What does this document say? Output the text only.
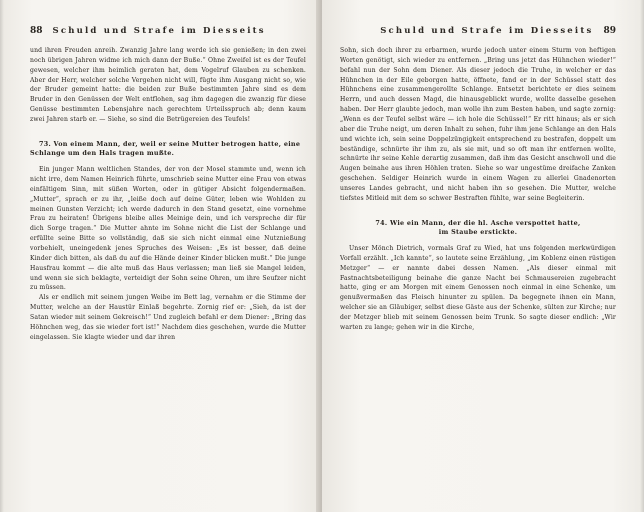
88 Schuld und Strafe im Diesseits

und ihren Freuden anreih. Zwanzig Jahre lang werde ich sie genießen; in den zwei noch übrigen Jahren widme ich mich dann der Buße.“ Ohne Zweifel ist es der Teufel gewesen, welcher ihm heimlich geraten hat, dem Vogelruf Glauben zu schenken. Aber der Herr, welcher solche Vergehen nicht will, fügte ihm Ausgang nicht so, wie der Bruder gemeint hatte: die beiden zur Buße bestimmten Jahre sind es dem Bruder in den Genüssen der Welt entflohen, sag ihm dagegen die zwanzig für diese Genüsse bestimmten Lebensjahre nach gerechtem Urteilsspruch ab; denn kaum zwei Jahren starb er. — Siehe, so sind die Betrügereien des Teufels!

73. Von einem Mann, der, weil er seine Mutter betrogen hatte, eine Schlange um den Hals tragen mußte.

Ein junger Mann weltlichen Standes, der von der Mosel stammte und, wenn ich nicht irre, dem Namen Heinrich führte, umschrieb seine Mutter eine Frau von etwas einfältigem Sinn, mit süßen Worten, oder in gütiger Absicht folgendermaßen. „Mutter“, sprach er zu ihr, „leiße doch auf deine Güter, leben wie Wohlden zu meinen Gunsten Verzicht; ich werde dadurch in den Stand gesetzt, eine vornehme Frau zu heiraten! Übrigens bleibe alles Meinige dein, und ich verspreche dir für dich Sorge tragen.“ Die Mutter ahnte im Sohne nicht die List der Schlange und erfüllte seine Bitte so vollständig, daß sie sich nicht einmal eine Nutznießung vorbehielt, uneingedenk jenes Spruches des Weisen: „Es ist besser, daß deine Kinder dich bitten, als daß du auf die Hände deiner Kinder blicken mußt.“ Die junge Hausfrau kommt — die alte muß das Haus verlassen; man ließ sie Mangel leiden, und wenn sie sich beklagte, verteidigt der Sohn seine Ohren, um ihre Seufzer nicht zu müssen.

Als er endlich mit seinem jungen Weibe im Bett lag, vernahm er die Stimme der Mutter, welche an der Haustür Einlaß begehrte. Zornig rief er: „Sieh, da ist der Satan wieder mit seinem Gekreisch!“ Und zugleich befahl er dem Diener: „Bring das Höhnchen weg, das sie wieder fort ist!“ Nachdem dies geschehen, wurde die Mutter eingelassen. Sie klagte wieder und dar ihren

Schuld und Strafe im Diesseits 89

Sohn, sich doch ihrer zu erbarmen, wurde jedoch unter einem Sturm von heftigen Worten genötigt, sich wieder zu entfernen. „Bring uns jetzt das Hühnchen wieder!“ befahl nun der Sohn dem Diener. Als dieser jedoch die Truhe, in welcher er das Hühnchen in der Eile geborgen hatte, öffnete, fand er in der Schüssel statt des Hühnchens eine zusammengerollte Schlange. Entsetzt berichtete er dies seinem Herrn, und auch dessen Magd, die hinausgeblickt wurde, wollte dasselbe gesehen haben. Der Herr glaubte jedoch, man wolle ihn zum Besten haben, und sagte zornig: „Wenn es der Teufel selbst wäre — ich hole die Schüssel!“ Er ritt hinaus; als er sich aber die Truhe neigt, um deren Inhalt zu sehen, fuhr ihm jene Schlange an den Hals und wichte ich, sein seine Doppelzüngigkeit entsprechend zu bestrafen, doppelt um beständige, schnürte ihr ihm zu, als sie mit, und so oft man ihr entfernen wollte, schnürte ihr seine Kehle derartig zusammen, daß ihm das Gesicht anschwoll und die Augen beinahe aus ihren Höhlen traten. Siehe so war ungestüme dreifache Zanken geschehen. Seldiger Heinrich wurde in einem Wagen zu allerlei Gnadenorten unseres Landes gebracht, und nicht haben ihn so gesehen. Die Mutter, welche tiefstes Mitleid mit dem so schwer Bestraften fühlte, war seine Begleiterin.

74. Wie ein Mann, der die hl. Asche verspottet hatte,
im Staube erstickte.

Unser Mönch Dietrich, vormals Graf zu Wied, hat uns folgenden merkwürdigen Vorfall erzählt. „Ich kannte“, so lautete seine Erzählung, „im Koblenz einen rüstigen Metzger“ — er nannte dabei dessen Namen. „Als dieser einmal mit Fastnachtsbeteiligung beinahe die ganze Nacht bei Schmausereien zugebracht hatte, ging er am Morgen mit einem Genossen noch einmal in eine Schenke, um genußvermaßen das Fleisch hinunter zu spülen. Da begegnete ihnen ein Mann, welcher sie an Gläubiger, selbst diese Gäste aus der Schenke, sülten zur Kirche; nur der Metzger blieb mit seinem Genossen beim Trunk. So sagte dieser endlich: „Wir warten zu lange; gehen wir in die Kirche,
